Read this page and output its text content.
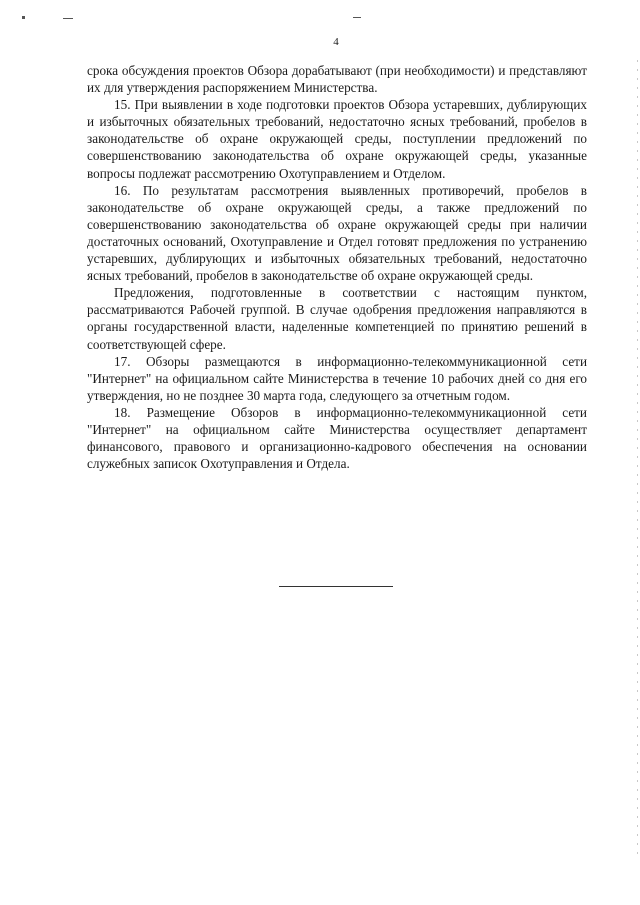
4

срока обсуждения проектов Обзора дорабатывают (при необходимости) и представляют их для утверждения распоряжением Министерства.

15. При выявлении в ходе подготовки проектов Обзора устаревших, дублирующих и избыточных обязательных требований, недостаточно ясных требований, пробелов в законодательстве об охране окружающей среды, поступлении предложений по совершенствованию законодательства об охране окружающей среды, указанные вопросы подлежат рассмотрению Охотуправлением и Отделом.

16. По результатам рассмотрения выявленных противоречий, пробелов в законодательстве об охране окружающей среды, а также предложений по совершенствованию законодательства об охране окружающей среды при наличии достаточных оснований, Охотуправление и Отдел готовят предложения по устранению устаревших, дублирующих и избыточных обязательных требований, недостаточно ясных требований, пробелов в законодательстве об охране окружающей среды.

Предложения, подготовленные в соответствии с настоящим пунктом, рассматриваются Рабочей группой. В случае одобрения предложения направляются в органы государственной власти, наделенные компетенцией по принятию решений в соответствующей сфере.

17. Обзоры размещаются в информационно-телекоммуникационной сети "Интернет" на официальном сайте Министерства в течение 10 рабочих дней со дня его утверждения, но не позднее 30 марта года, следующего за отчетным годом.

18. Размещение Обзоров в информационно-телекоммуникационной сети "Интернет" на официальном сайте Министерства осуществляет департамент финансового, правового и организационно-кадрового обеспечения на основании служебных записок Охотуправления и Отдела.
